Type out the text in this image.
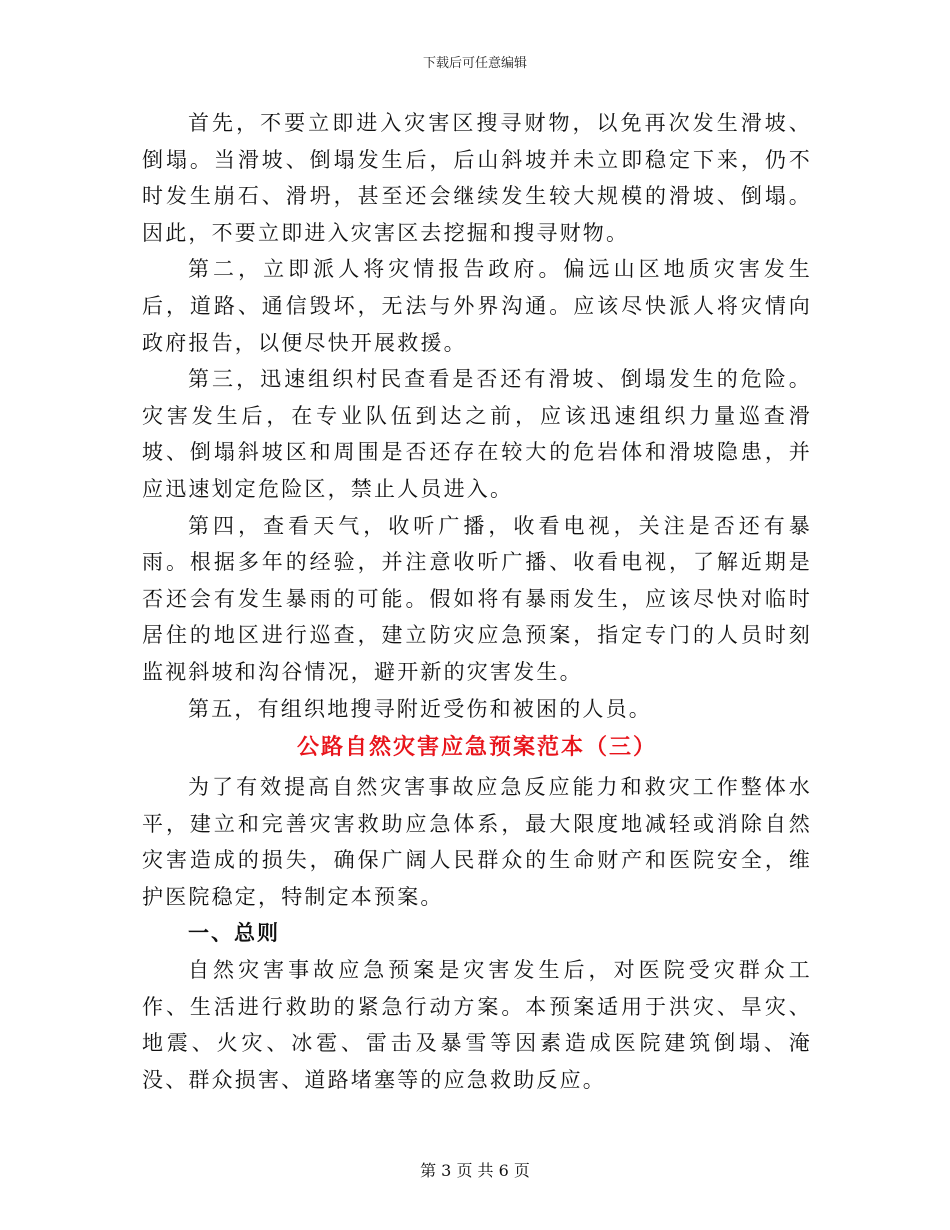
下载后可任意编辑

首先，不要立即进入灾害区搜寻财物，以免再次发生滑坡、倒塌。当滑坡、倒塌发生后，后山斜坡并未立即稳定下来，仍不时发生崩石、滑坍，甚至还会继续发生较大规模的滑坡、倒塌。因此，不要立即进入灾害区去挖掘和搜寻财物。

第二，立即派人将灾情报告政府。偏远山区地质灾害发生后，道路、通信毁坏，无法与外界沟通。应该尽快派人将灾情向政府报告，以便尽快开展救援。

第三，迅速组织村民查看是否还有滑坡、倒塌发生的危险。灾害发生后，在专业队伍到达之前，应该迅速组织力量巡查滑坡、倒塌斜坡区和周围是否还存在较大的危岩体和滑坡隐患，并应迅速划定危险区，禁止人员进入。

第四，查看天气，收听广播，收看电视，关注是否还有暴雨。根据多年的经验，并注意收听广播、收看电视，了解近期是否还会有发生暴雨的可能。假如将有暴雨发生，应该尽快对临时居住的地区进行巡查，建立防灾应急预案，指定专门的人员时刻监视斜坡和沟谷情况，避开新的灾害发生。

第五，有组织地搜寻附近受伤和被困的人员。

公路自然灾害应急预案范本（三）

为了有效提高自然灾害事故应急反应能力和救灾工作整体水平，建立和完善灾害救助应急体系，最大限度地减轻或消除自然灾害造成的损失，确保广阔人民群众的生命财产和医院安全，维护医院稳定，特制定本预案。

一、总则

自然灾害事故应急预案是灾害发生后，对医院受灾群众工作、生活进行救助的紧急行动方案。本预案适用于洪灾、旱灾、地震、火灾、冰雹、雷击及暴雪等因素造成医院建筑倒塌、淹没、群众损害、道路堵塞等的应急救助反应。

第 3 页 共 6 页
